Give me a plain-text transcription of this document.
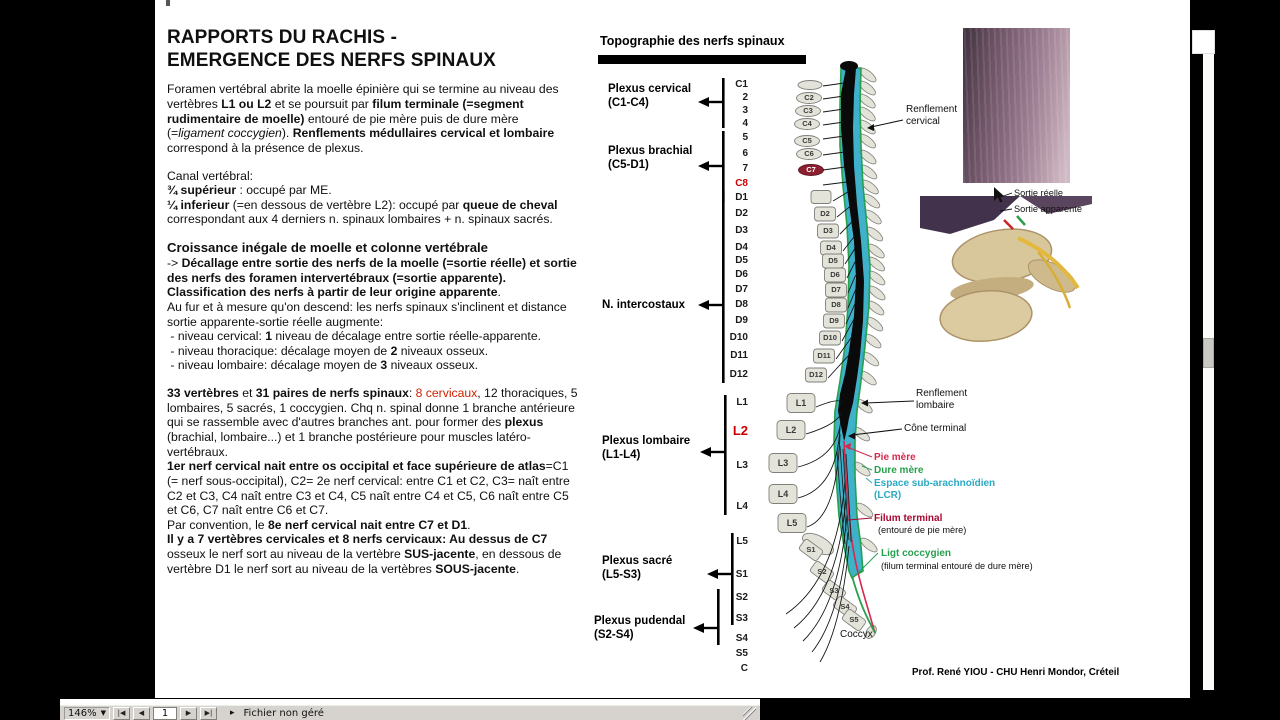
RAPPORTS DU RACHIS -
EMERGENCE DES NERFS SPINAUX

Foramen vertébral abrite la moelle épinière qui se termine au niveau des vertèbres L1 ou L2 et se poursuit par filum terminale (=segment rudimentaire de moelle) entouré de pie mère puis de dure mère (=ligament coccygien). Renflements médullaires cervical et lombaire correspond à la présence de plexus.

Canal vertébral:
¾ supérieur : occupé par ME.
¼ inferieur (=en dessous de vertèbre L2): occupé par queue de cheval correspondant aux 4 derniers n. spinaux lombaires + n. spinaux sacrés.

Croissance inégale de moelle et colonne vertébrale
-> Décallage entre sortie des nerfs de la moelle (=sortie réelle) et sortie des nerfs des foramen intervertébraux (=sortie apparente).
Classification des nerfs à partir de leur origine apparente.
Au fur et à mesure qu'on descend: les nerfs spinaux s'inclinent et distance sortie apparente-sortie réelle augmente:
- niveau cervical: 1 niveau de décalage entre sortie réelle-apparente.
- niveau thoracique: décalage moyen de 2 niveaux osseux.
- niveau lombaire: décalage moyen de 3 niveaux osseux.

33 vertèbres et 31 paires de nerfs spinaux: 8 cervicaux, 12 thoraciques, 5 lombaires, 5 sacrés, 1 coccygien. Chq n. spinal donne 1 branche antérieure qui se rassemble avec d'autres branches ant. pour former des plexus (brachial, lombaire...) et 1 branche postérieure pour muscles latéro-vertébraux.
1er nerf cervical nait entre os occipital et face supérieure de atlas=C1 (= nerf sous-occipital), C2= 2e nerf cervical: entre C1 et C2, C3= naît entre C2 et C3, C4 naît entre C3 et C4, C5 naît entre C4 et C5, C6 naît entre C5 et C6, C7 naît entre C6 et C7.
Par convention, le 8e nerf cervical nait entre C7 et D1.
Il y a 7 vertèbres cervicales et 8 nerfs cervicaux: Au dessus de C7 osseux le nerf sort au niveau de la vertèbre SUS-jacente, en dessous de vertèbre D1 le nerf sort au niveau de la vertèbres SOUS-jacente.

Topographie des nerfs spinaux
Prof. René YIOU - CHU Henri Mondor, Créteil
Plexus cervical
(C1-C4)
Plexus brachial
(C5-D1)
N. intercostaux
Plexus lombaire
(L1-L4)
Plexus sacré
(L5-S3)
Plexus pudendal
(S2-S4)
C1
2
3
4
5
6
7
C8
D1
D2
D3
D4
D5
D6
D7
D8
D9
D10
D11
D12
L1
L2
L3
L4
L5
S1
S2
S3
S4
S5
C
C2
C3
C4
C5
C6
C7
D2
D3
D4
D5
D6
D7
D8
D9
D10
D11
D12
L1
L2
L3
L4
L5
S1
S2
S3
S4
S5
Renflement
cervical
Renflement
lombaire
Cône terminal
Pie mère
Dure mère
Espace sub-arachnoïdien
(LCR)
Filum terminal
(entouré de pie mère)
Ligt coccygien
(filum terminal entouré de dure mère)
Coccyx
Sortie réelle
Sortie apparente
146% ▼	|◀	◀
1	▶	▶|	▸ Fichier non géré
